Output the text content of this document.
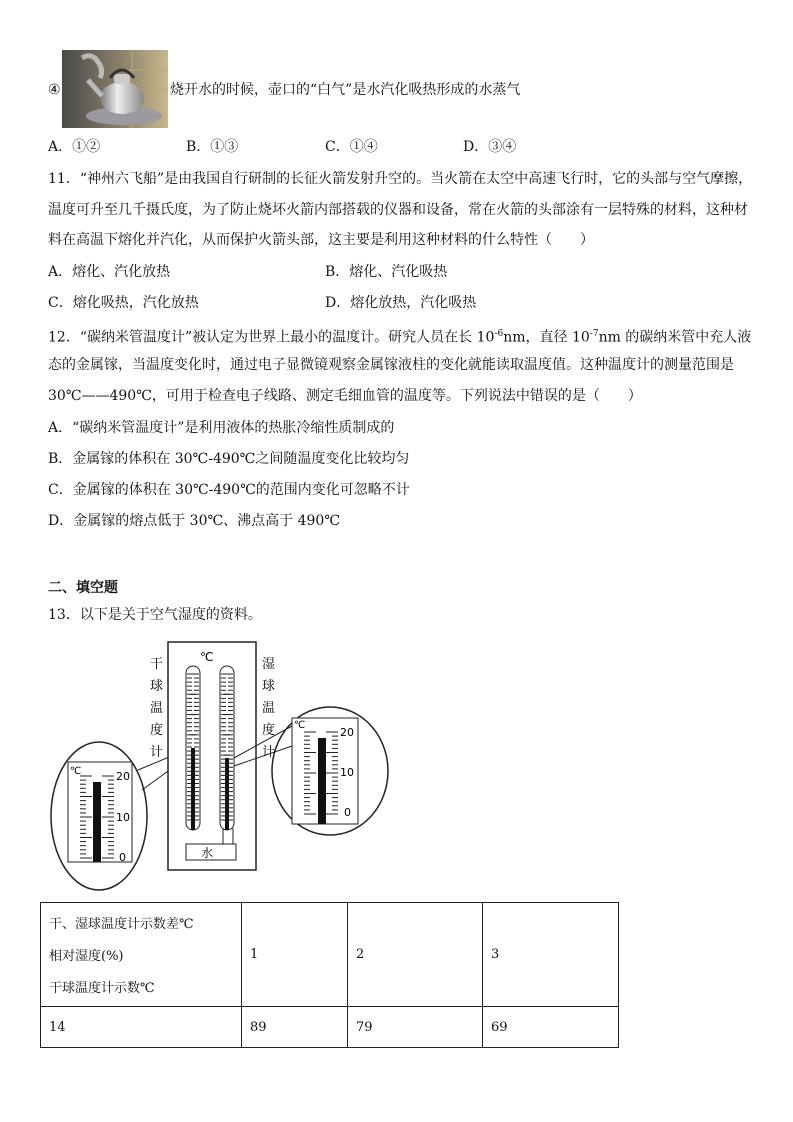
④	烧开水的时候，壶口的“白气”是水汽化吸热形成的水蒸气
A．①②	B．①③	C．①④	D．③④
11．“神州六飞船”是由我国自行研制的长征火箭发射升空的。当火箭在太空中高速飞行时，它的头部与空气摩擦，
温度可升至几千摄氏度，为了防止烧坏火箭内部搭载的仪器和设备，常在火箭的头部涂有一层特殊的材料，这种材
料在高温下熔化并汽化，从而保护火箭头部，这主要是利用这种材料的什么特性（　　）
A．熔化、汽化放热	B．熔化、汽化吸热
C．熔化吸热，汽化放热	D．熔化放热，汽化吸热
12．“碳纳米管温度计”被认定为世界上最小的温度计。研究人员在长 $10^{-6}nm$，直径 $10^{-7}nm$ 的碳纳米管中充人液
态的金属镓，当温度变化时，通过电子显微镜观察金属镓液柱的变化就能读取温度值。这种温度计的测量范围是
30℃——490℃，可用于检查电子线路、测定毛细血管的温度等。下列说法中错误的是（　　）
A．“碳纳米管温度计”是利用液体的热胀冷缩性质制成的
B．金属镓的体积在 30℃-490℃之间随温度变化比较均匀
C．金属镓的体积在 30℃-490℃的范围内变化可忽略不计
D．金属镓的熔点低于 30℃、沸点高于 490℃
二、填空题
13．以下是关于空气湿度的资料。
℃	20
10
0
℃
水
干
球
温
度
计
湿
球
温
度
计
℃
20
10
0
干、湿球温度计示数差℃
相对湿度(%)
干球温度计示数℃	1	2	3
14	89	79	69
